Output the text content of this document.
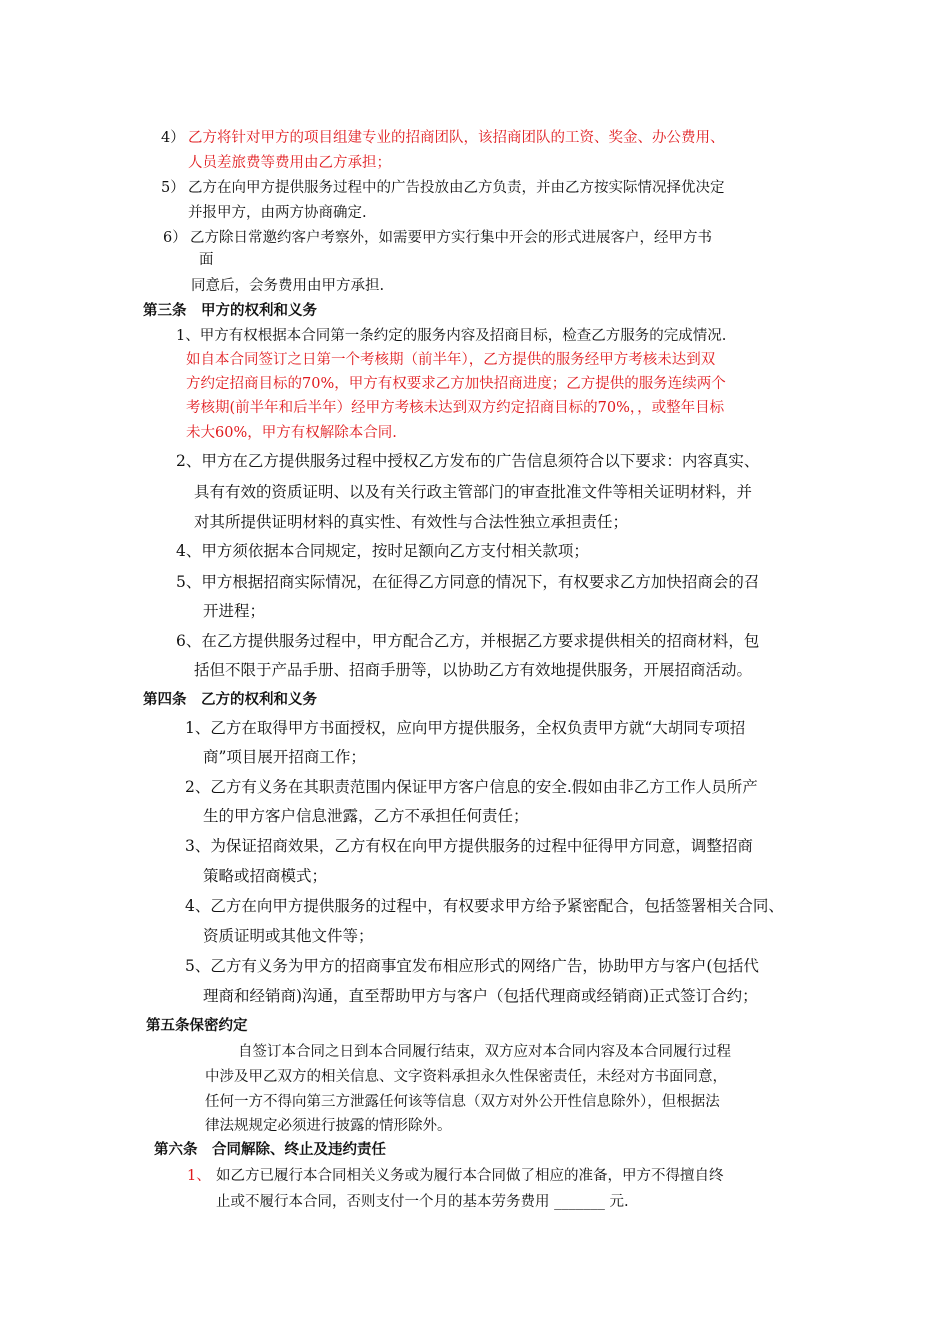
4） 乙方将针对甲方的项目组建专业的招商团队，该招商团队的工资、奖金、办公费用、
人员差旅费等费用由乙方承担；
5） 乙方在向甲方提供服务过程中的广告投放由乙方负责，并由乙方按实际情况择优决定
并报甲方，由两方协商确定.
6） 乙方除日常邀约客户考察外，如需要甲方实行集中开会的形式进展客户，经甲方书
面
同意后，会务费用由甲方承担.
第三条　甲方的权利和义务
1、甲方有权根据本合同第一条约定的服务内容及招商目标，检查乙方服务的完成情况.
如自本合同签订之日第一个考核期（前半年），乙方提供的服务经甲方考核未达到双
方约定招商目标的70%，甲方有权要求乙方加快招商进度；乙方提供的服务连续两个
考核期(前半年和后半年）经甲方考核未达到双方约定招商目标的70%，，或整年目标
未大60%，甲方有权解除本合同.
2、甲方在乙方提供服务过程中授权乙方发布的广告信息须符合以下要求：内容真实、
具有有效的资质证明、以及有关行政主管部门的审查批准文件等相关证明材料，并
对其所提供证明材料的真实性、有效性与合法性独立承担责任；
4、甲方须依据本合同规定，按时足额向乙方支付相关款项；
5、甲方根据招商实际情况，在征得乙方同意的情况下，有权要求乙方加快招商会的召
开进程；
6、在乙方提供服务过程中，甲方配合乙方，并根据乙方要求提供相关的招商材料，包
括但不限于产品手册、招商手册等，以协助乙方有效地提供服务，开展招商活动。
第四条　乙方的权利和义务
1、乙方在取得甲方书面授权，应向甲方提供服务，全权负责甲方就“大胡同专项招
商”项目展开招商工作；
2、乙方有义务在其职责范围内保证甲方客户信息的安全.假如由非乙方工作人员所产
生的甲方客户信息泄露，乙方不承担任何责任；
3、为保证招商效果，乙方有权在向甲方提供服务的过程中征得甲方同意，调整招商
策略或招商模式；
4、乙方在向甲方提供服务的过程中，有权要求甲方给予紧密配合，包括签署相关合同、
资质证明或其他文件等；
5、乙方有义务为甲方的招商事宜发布相应形式的网络广告，协助甲方与客户(包括代
理商和经销商)沟通，直至帮助甲方与客户（包括代理商或经销商)正式签订合约；
第五条保密约定
自签订本合同之日到本合同履行结束，双方应对本合同内容及本合同履行过程
中涉及甲乙双方的相关信息、文字资料承担永久性保密责任，未经对方书面同意，
任何一方不得向第三方泄露任何该等信息（双方对外公开性信息除外），但根据法
律法规规定必须进行披露的情形除外。
第六条　合同解除、终止及违约责任
1、 如乙方已履行本合同相关义务或为履行本合同做了相应的准备，甲方不得擅自终
止或不履行本合同，否则支付一个月的基本劳务费用 _______ 元.
